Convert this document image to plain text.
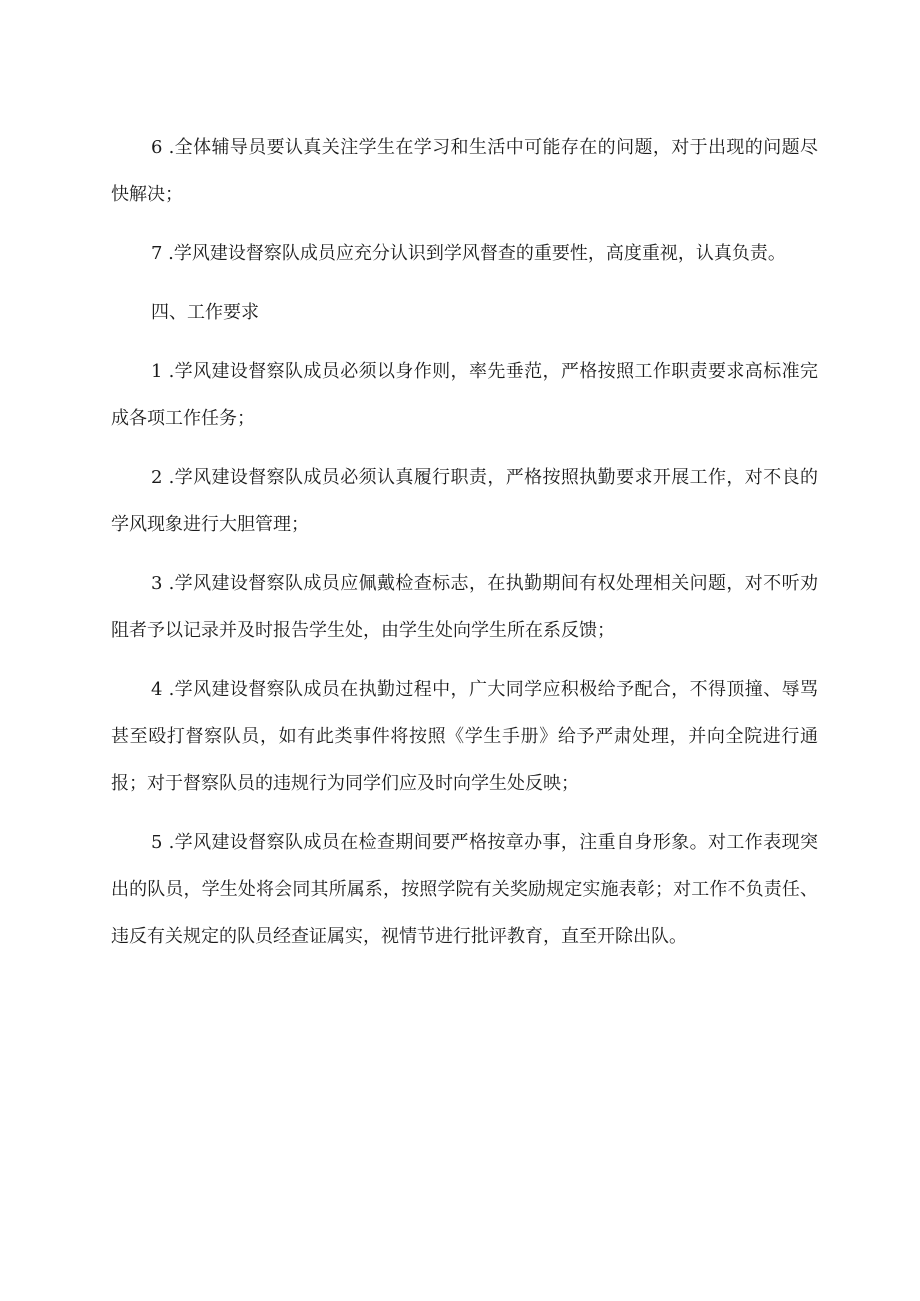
6 .全体辅导员要认真关注学生在学习和生活中可能存在的问题，对于出现的问题尽快解决；

7 .学风建设督察队成员应充分认识到学风督查的重要性，高度重视，认真负责。

四、工作要求

1 .学风建设督察队成员必须以身作则，率先垂范，严格按照工作职责要求高标准完成各项工作任务；

2 .学风建设督察队成员必须认真履行职责，严格按照执勤要求开展工作，对不良的学风现象进行大胆管理；

3 .学风建设督察队成员应佩戴检查标志，在执勤期间有权处理相关问题，对不听劝阻者予以记录并及时报告学生处，由学生处向学生所在系反馈；

4 .学风建设督察队成员在执勤过程中，广大同学应积极给予配合，不得顶撞、辱骂甚至殴打督察队员，如有此类事件将按照《学生手册》给予严肃处理，并向全院进行通报；对于督察队员的违规行为同学们应及时向学生处反映；

5 .学风建设督察队成员在检查期间要严格按章办事，注重自身形象。对工作表现突出的队员，学生处将会同其所属系，按照学院有关奖励规定实施表彰；对工作不负责任、违反有关规定的队员经查证属实，视情节进行批评教育，直至开除出队。
